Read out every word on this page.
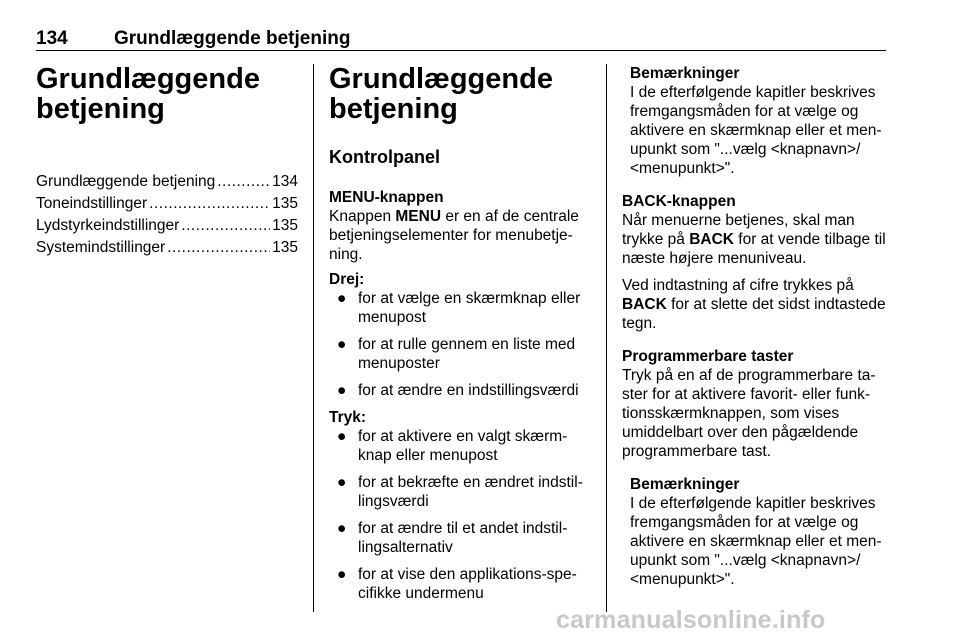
134 Grundlæggende betjening
Grundlæggende
betjening
Grundlæggende betjening .....	134
Toneindstillinger .....	135
Lydstyrkeindstillinger .....	135
Systemindstillinger .....	135
Grundlæggende
betjening
Kontrolpanel

MENU-knappen

Knappen MENU er en af de centrale betjeningselementer for menubetje-ning.

Drej:

● for at vælge en skærmknap eller menupost
● for at rulle gennem en liste med menuposter
● for at ændre en indstillingsværdi

Tryk:

● for at aktivere en valgt skærm-knap eller menupost
● for at bekræfte en ændret indstil-lingsværdi
● for at ændre til et andet indstil-lingsalternativ
● for at vise den applikations-spe-cifikke undermenu

Bemærkninger

I de efterfølgende kapitler beskrives fremgangsmåden for at vælge og aktivere en skærmknap eller et men-upunkt som "...vælg <knapnavn>/ <menupunkt>".

BACK-knappen

Når menuerne betjenes, skal man trykke på BACK for at vende tilbage til næste højere menuniveau.

Ved indtastning af cifre trykkes på BACK for at slette det sidst indtastede tegn.

Programmerbare taster

Tryk på en af de programmerbare ta-ster for at aktivere favorit- eller funk-tionsskærmknappen, som vises umiddelbart over den pågældende programmerbare tast.

Bemærkninger

I de efterfølgende kapitler beskrives fremgangsmåden for at vælge og aktivere en skærmknap eller et men-upunkt som "...vælg <knapnavn>/ <menupunkt>".

carmanualsonline.info
